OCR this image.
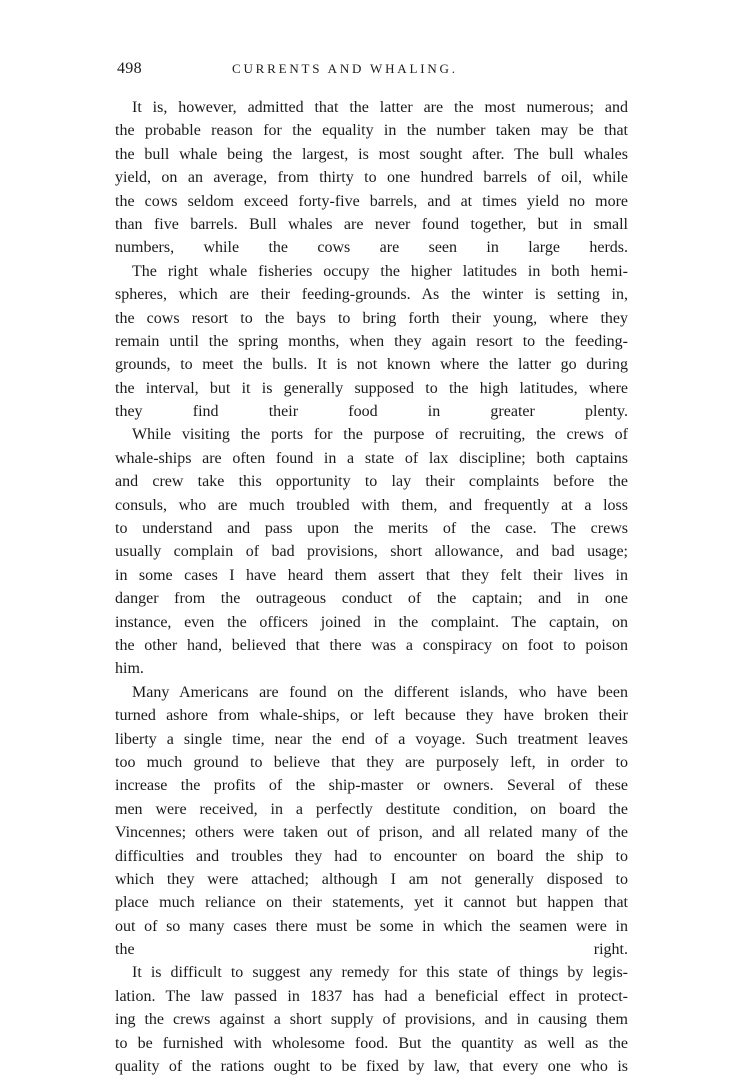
498	CURRENTS AND WHALING.
It is, however, admitted that the latter are the most numerous; and
the probable reason for the equality in the number taken may be that
the bull whale being the largest, is most sought after. The bull whales
yield, on an average, from thirty to one hundred barrels of oil, while
the cows seldom exceed forty-five barrels, and at times yield no more
than five barrels. Bull whales are never found together, but in small
numbers, while the cows are seen in large herds.
The right whale fisheries occupy the higher latitudes in both hemi-
spheres, which are their feeding-grounds. As the winter is setting in,
the cows resort to the bays to bring forth their young, where they
remain until the spring months, when they again resort to the feeding-
grounds, to meet the bulls. It is not known where the latter go during
the interval, but it is generally supposed to the high latitudes, where
they find their food in greater plenty.
While visiting the ports for the purpose of recruiting, the crews of
whale-ships are often found in a state of lax discipline; both captains
and crew take this opportunity to lay their complaints before the
consuls, who are much troubled with them, and frequently at a loss
to understand and pass upon the merits of the case. The crews
usually complain of bad provisions, short allowance, and bad usage;
in some cases I have heard them assert that they felt their lives in
danger from the outrageous conduct of the captain; and in one
instance, even the officers joined in the complaint. The captain, on
the other hand, believed that there was a conspiracy on foot to poison
him.
Many Americans are found on the different islands, who have been
turned ashore from whale-ships, or left because they have broken their
liberty a single time, near the end of a voyage. Such treatment leaves
too much ground to believe that they are purposely left, in order to
increase the profits of the ship-master or owners. Several of these
men were received, in a perfectly destitute condition, on board the
Vincennes; others were taken out of prison, and all related many of the
difficulties and troubles they had to encounter on board the ship to
which they were attached; although I am not generally disposed to
place much reliance on their statements, yet it cannot but happen that
out of so many cases there must be some in which the seamen were in
the right.
It is difficult to suggest any remedy for this state of things by legis-
lation. The law passed in 1837 has had a beneficial effect in protect-
ing the crews against a short supply of provisions, and in causing them
to be furnished with wholesome food. But the quantity as well as the
quality of the rations ought to be fixed by law, that every one who is
